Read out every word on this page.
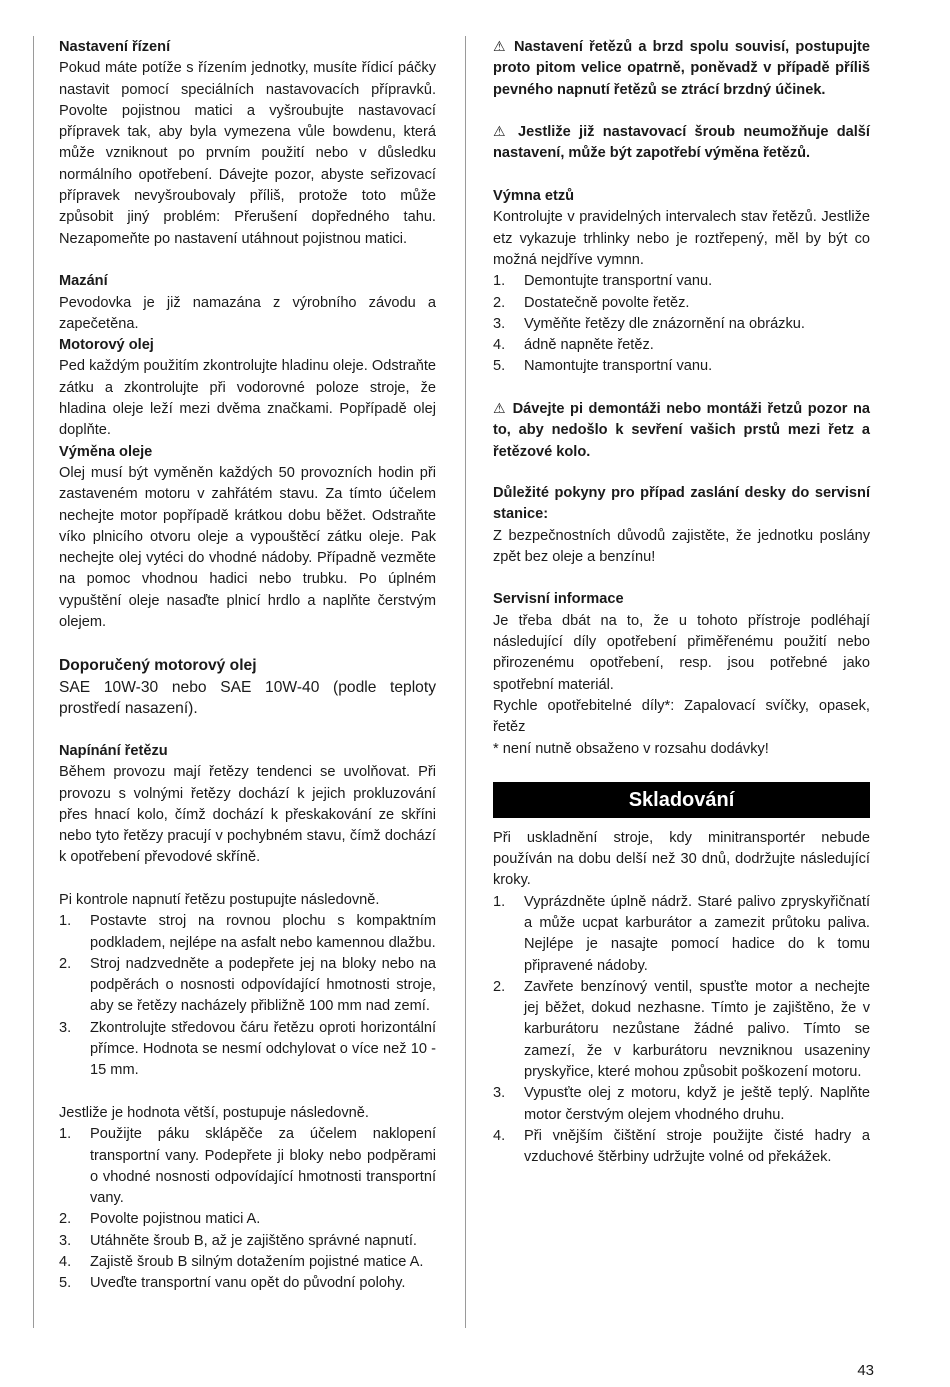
Nastavení řízení

Pokud máte potíže s řízením jednotky, musíte řídicí páčky nastavit pomocí speciálních nastavovacích přípravků. Povolte pojistnou matici a vyšroubujte nastavovací přípravek tak, aby byla vymezena vůle bowdenu, která může vzniknout po prvním použití nebo v důsledku normálního opotřebení. Dávejte pozor, abyste seřizovací přípravek nevyšroubovaly příliš, protože toto může způsobit jiný problém: Přerušení dopředného tahu. Nezapomeňte po nastavení utáhnout pojistnou matici.

Mazání

Pevodovka je již namazána z výrobního závodu a zapečetěna.

Motorový olej

Ped každým použitím zkontrolujte hladinu oleje. Odstraňte zátku a zkontrolujte při vodorovné poloze stroje, že hladina oleje leží mezi dvěma značkami. Popřípadě olej doplňte.

Výměna oleje

Olej musí být vyměněn každých 50 provozních hodin při zastaveném motoru v zahřátém stavu. Za tímto účelem nechejte motor popřípadě krátkou dobu běžet. Odstraňte víko plnicího otvoru oleje a vypouštěcí zátku oleje. Pak nechejte olej vytéci do vhodné nádoby. Případně vezměte na pomoc vhodnou hadici nebo trubku. Po úplném vypuštění oleje nasaďte plnicí hrdlo a naplňte čerstvým olejem.

Doporučený motorový olej

SAE 10W-30 nebo SAE 10W-40 (podle teploty prostředí nasazení).

Napínání řetězu

Během provozu mají řetězy tendenci se uvolňovat. Při provozu s volnými řetězy dochází k jejich prokluzování přes hnací kolo, čímž dochází k přeskakování ze skříni nebo tyto řetězy pracují v pochybném stavu, čímž dochází k opotřebení převodové skříně.

Pi kontrole napnutí řetězu postupujte následovně.

1. Postavte stroj na rovnou plochu s kompaktním podkladem, nejlépe na asfalt nebo kamennou dlažbu.
2. Stroj nadzvedněte a podepřete jej na bloky nebo na podpěrách o nosnosti odpovídající hmotnosti stroje, aby se řetězy nacházely přibližně 100 mm nad zemí.
3. Zkontrolujte středovou čáru řetězu oproti horizontální přímce. Hodnota se nesmí odchylovat o více než 10 - 15 mm.

Jestliže je hodnota větší, postupuje následovně.

1. Použijte páku sklápěče za účelem naklopení transportní vany. Podepřete ji bloky nebo podpěrami o vhodné nosnosti odpovídající hmotnosti transportní vany.
2. Povolte pojistnou matici A.
3. Utáhněte šroub B, až je zajištěno správné napnutí.
4. Zajistě šroub B silným dotažením pojistné matice A.
5. Uveďte transportní vanu opět do původní polohy.

⚠ Nastavení řetězů a brzd spolu souvisí, postupujte proto pitom velice opatrně, poněvadž v případě příliš pevného napnutí řetězů se ztrácí brzdný účinek.

⚠ Jestliže již nastavovací šroub neumožňuje další nastavení, může být zapotřebí výměna řetězů.

Výmna etzů

Kontrolujte v pravidelných intervalech stav řetězů. Jestliže etz vykazuje trhlinky nebo je roztřepený, měl by být co možná nejdříve vymnn.

1. Demontujte transportní vanu.
2. Dostatečně povolte řetěz.
3. Vyměňte řetězy dle znázornění na obrázku.
4. ádně napněte řetěz.
5. Namontujte transportní vanu.

⚠ Dávejte pi demontáži nebo montáži řetzů pozor na to, aby nedošlo k sevření vašich prstů mezi řetz a řetězové kolo.

Důležité pokyny pro případ zaslání desky do servisní stanice:

Z bezpečnostních důvodů zajistěte, že jednotku poslány zpět bez oleje a benzínu!

Servisní informace

Je třeba dbát na to, že u tohoto přístroje podléhají následující díly opotřebení přiměřenému použití nebo přirozenému opotřebení, resp. jsou potřebné jako spotřební materiál.

Rychle opotřebitelné díly*: Zapalovací svíčky, opasek, řetěz

* není nutně obsaženo v rozsahu dodávky!

Skladování

Při uskladnění stroje, kdy minitransportér nebude používán na dobu delší než 30 dnů, dodržujte následující kroky.

1. Vyprázdněte úplně nádrž. Staré palivo zpryskyřičnatí a může ucpat karburátor a zamezit průtoku paliva. Nejlépe je nasajte pomocí hadice do k tomu připravené nádoby.
2. Zavřete benzínový ventil, spusťte motor a nechejte jej běžet, dokud nezhasne. Tímto je zajištěno, že v karburátoru nezůstane žádné palivo. Tímto se zamezí, že v karburátoru nevzniknou usazeniny pryskyřice, které mohou způsobit poškození motoru.
3. Vypusťte olej z motoru, když je ještě teplý. Naplňte motor čerstvým olejem vhodného druhu.
4. Při vnějším čištění stroje použijte čisté hadry a vzduchové štěrbiny udržujte volné od překážek.
43
